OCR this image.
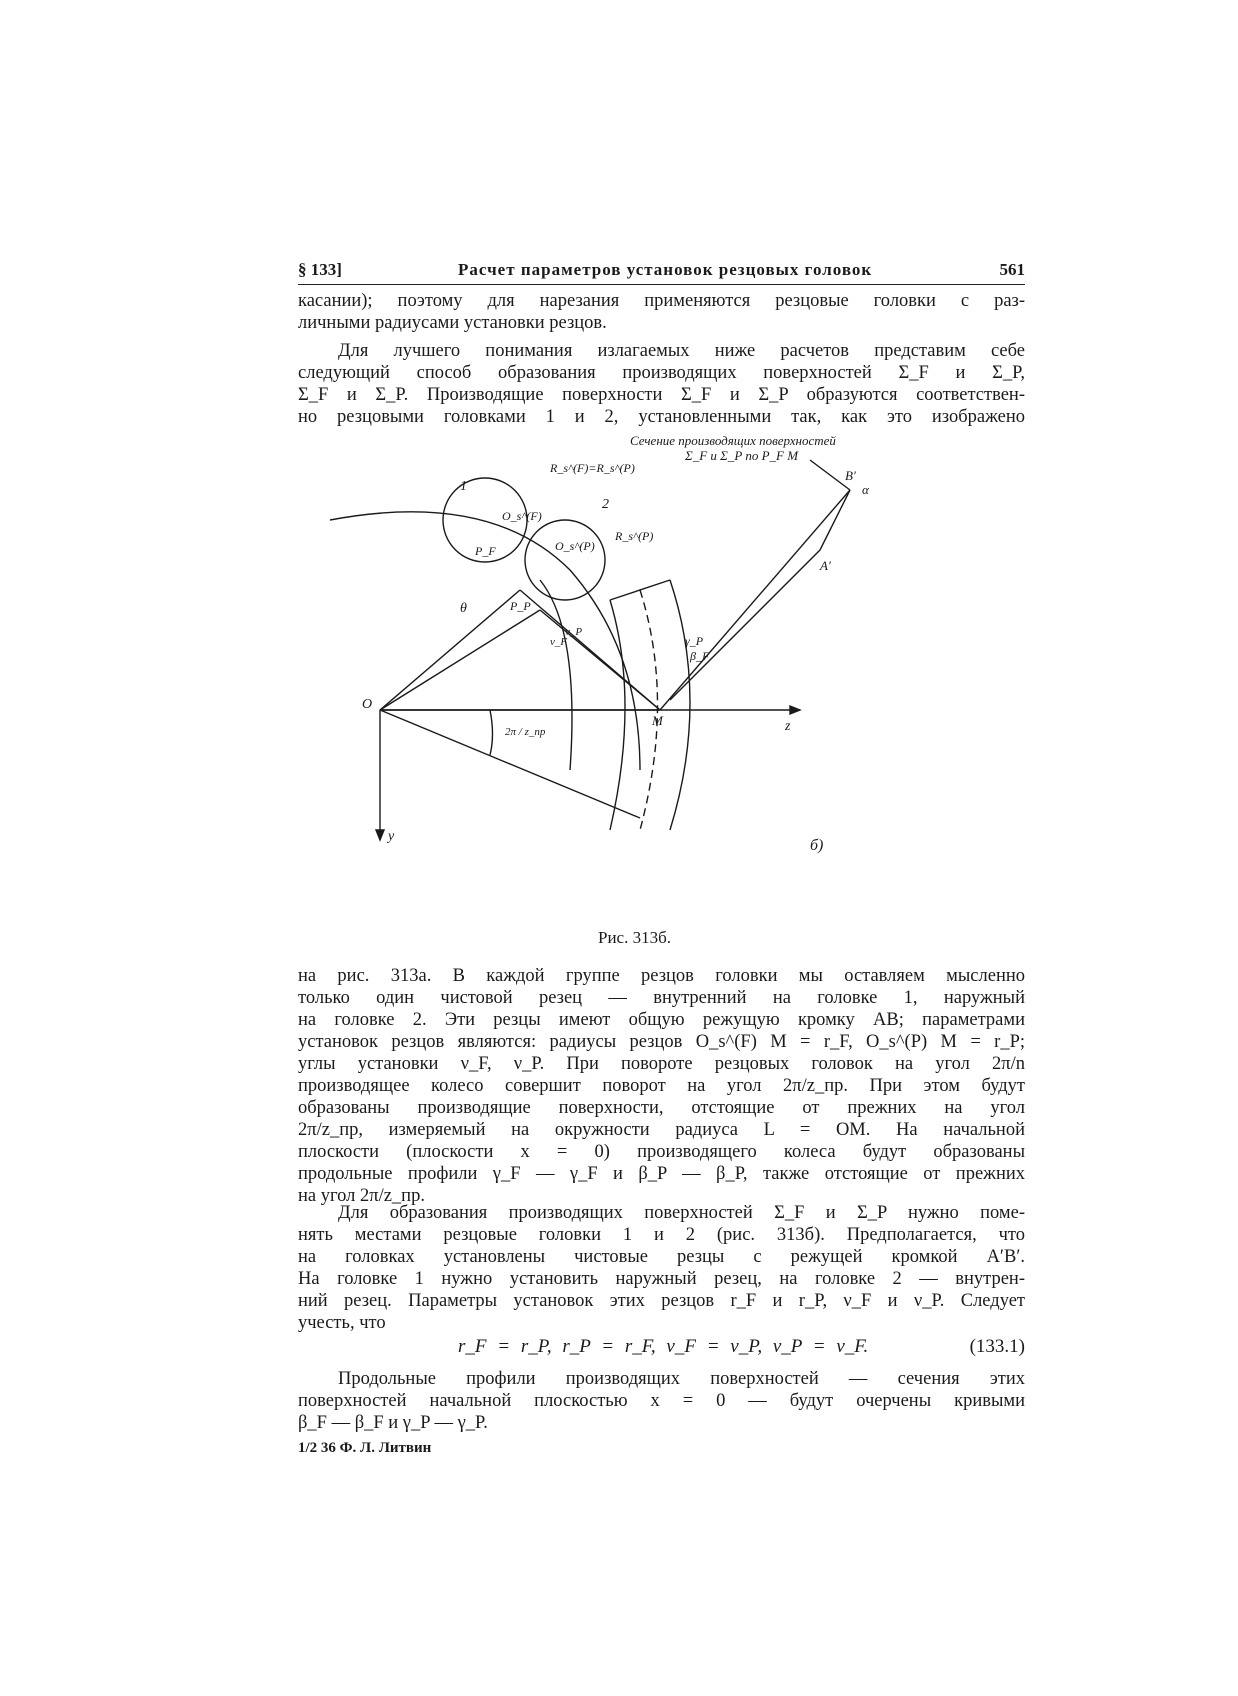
§ 133]	Расчет параметров установок резцовых головок	561
касании); поэтому для нарезания применяются резцовые головки с раз-
личными радиусами установки резцов.
Для лучшего понимания излагаемых ниже расчетов представим себе
следующий способ образования производящих поверхностей Σ_F и Σ_P,
Σ_F и Σ_P. Производящие поверхности Σ_F и Σ_P образуются соответствен-
но резцовыми головками 1 и 2, установленными так, как это изображено
Сечение производящих поверхностей
Σ_F и Σ_P по P_F M
1
2
R_s^(F)=R_s^(P)
R_s^(P)
O_s^(F)
O_s^(P)
P_F
P_P
θ
O
2π / z_пр
M	z
y
B′
A′
α
ν_F
ν_P
γ_P
β_F
б)
Рис. 313б.
на рис. 313а. В каждой группе резцов головки мы оставляем мысленно
только один чистовой резец — внутренний на головке 1, наружный
на головке 2. Эти резцы имеют общую режущую кромку AB; параметрами
установок резцов являются: радиусы резцов O_s^(F) M = r_F, O_s^(P) M = r_P;
углы установки ν_F, ν_P. При повороте резцовых головок на угол 2π/n
производящее колесо совершит поворот на угол 2π/z_пр. При этом будут
образованы производящие поверхности, отстоящие от прежних на угол
2π/z_пр, измеряемый на окружности радиуса L = OM. На начальной
плоскости (плоскости x = 0) производящего колеса будут образованы
продольные профили γ_F — γ_F и β_P — β_P, также отстоящие от прежних
на угол 2π/z_пр.
Для образования производящих поверхностей Σ_F и Σ_P нужно поме-
нять местами резцовые головки 1 и 2 (рис. 313б). Предполагается, что
на головках установлены чистовые резцы с режущей кромкой A′B′.
На головке 1 нужно установить наружный резец, на головке 2 — внутрен-
ний резец. Параметры установок этих резцов r_F и r_P, ν_F и ν_P. Следует
учесть, что
r_F = r_P, r_P = r_F, ν_F = ν_P, ν_P = ν_F.	(133.1)
Продольные профили производящих поверхностей — сечения этих
поверхностей начальной плоскостью x = 0 — будут очерчены кривыми
β_F — β_F и γ_P — γ_P.
1/2 36 Ф. Л. Литвин
